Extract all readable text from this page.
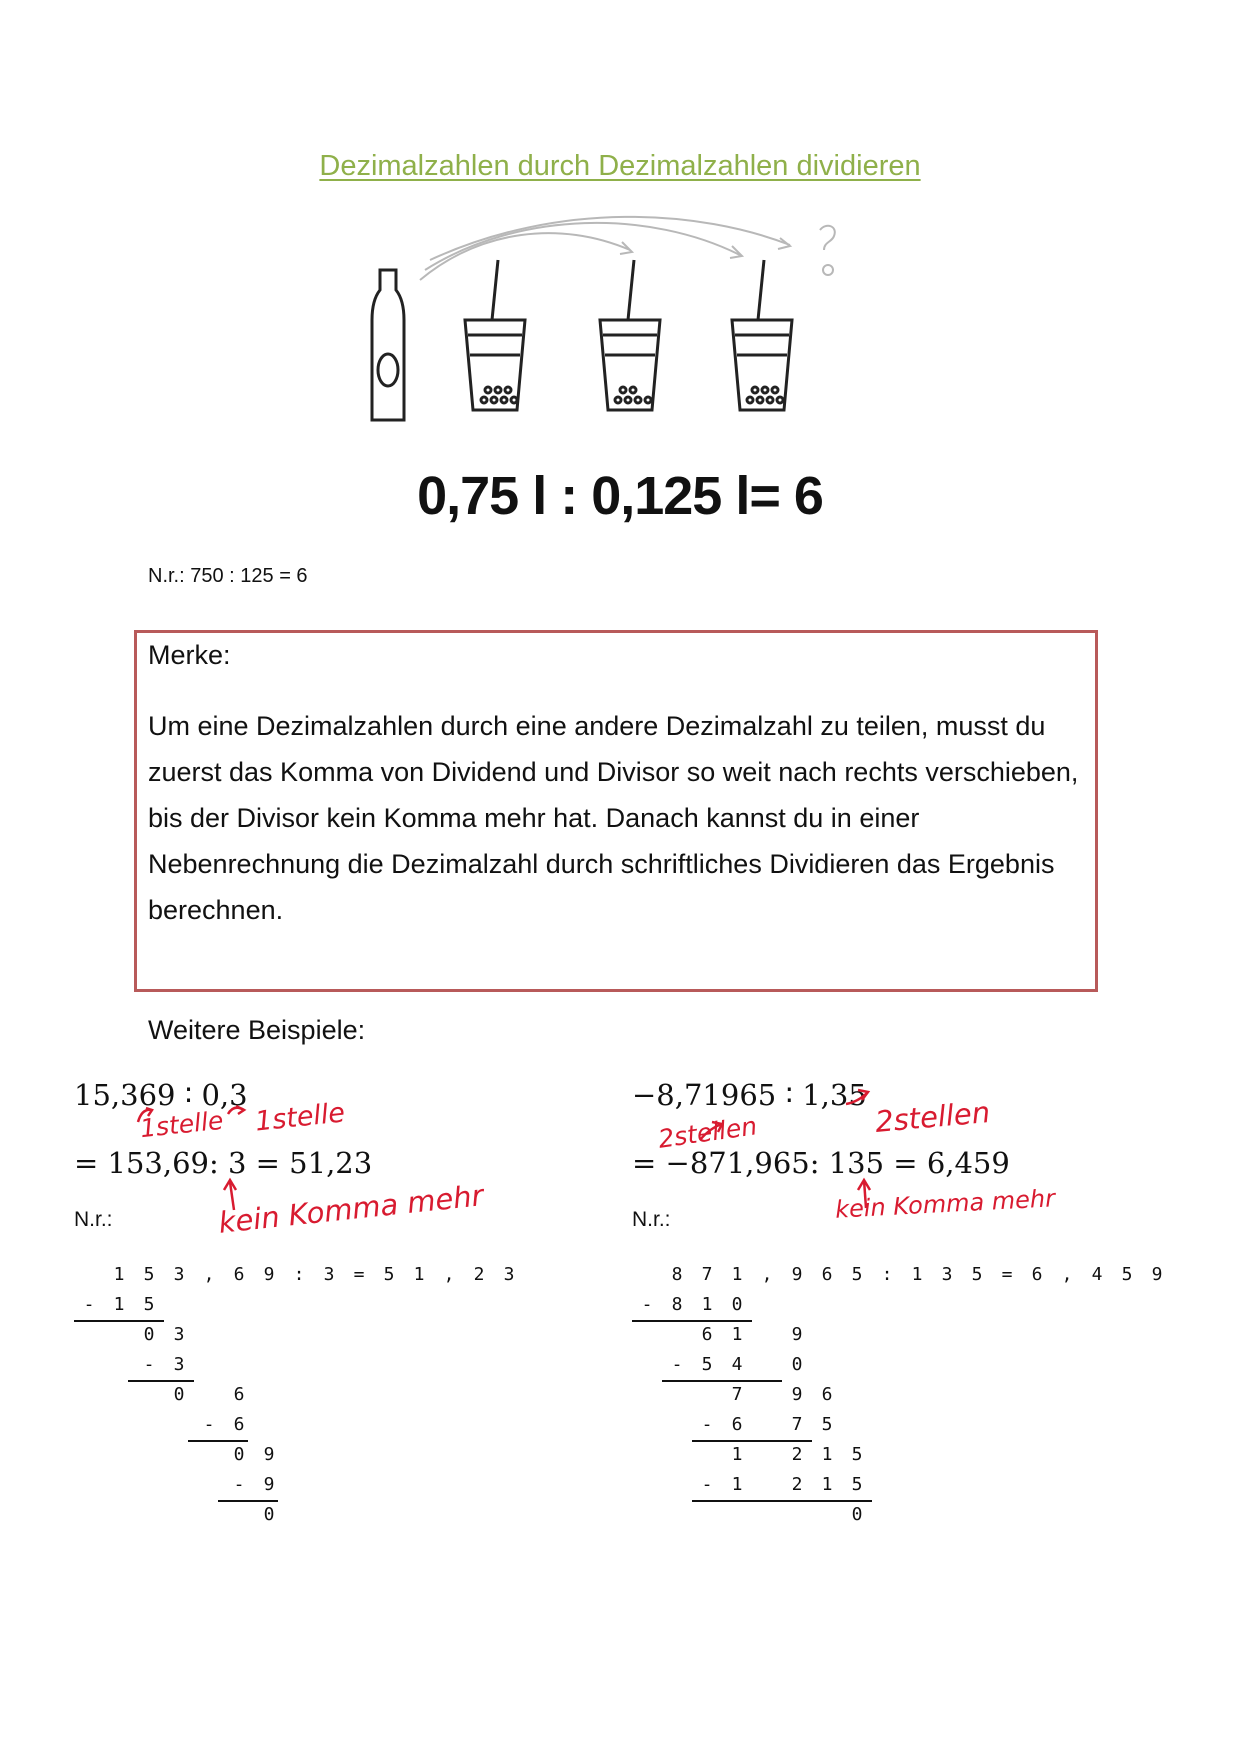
Dezimalzahlen durch Dezimalzahlen dividieren
0,75 l : 0,125 l= 6
N.r.: 750 : 125 = 6
Merke:
Um eine Dezimalzahlen durch eine andere Dezimalzahl zu teilen, musst du zuerst das Komma von Dividend und Divisor so weit nach rechts verschieben, bis der Divisor kein Komma mehr hat. Danach kannst du in einer Nebenrechnung die Dezimalzahl durch schriftliches Dividieren das Ergebnis berechnen.
Weitere Beispiele:
15,369 ∶ 0,3
= 153,69: 3 = 51,23
1stelle 1stelle
kein Komma mehr
N.r.:
1	5	3	,	6	9	:	3	=	5	1	,	2	3
-	1	5
0	3
-	3
0	6
-	6
0	9
-	9
0
−8,71965 ∶ 1,35
= −871,965: 135 = 6,459
2stellen	2stellen
kein Komma mehr
N.r.:
8	7	1	,	9	6	5	:	1	3	5	=	6	,	4	5	9
-	8	1	0
6	1	9
-	5	4	0
7	9	6
-	6	7	5
1	2	1	5
-	1	2	1	5
0
